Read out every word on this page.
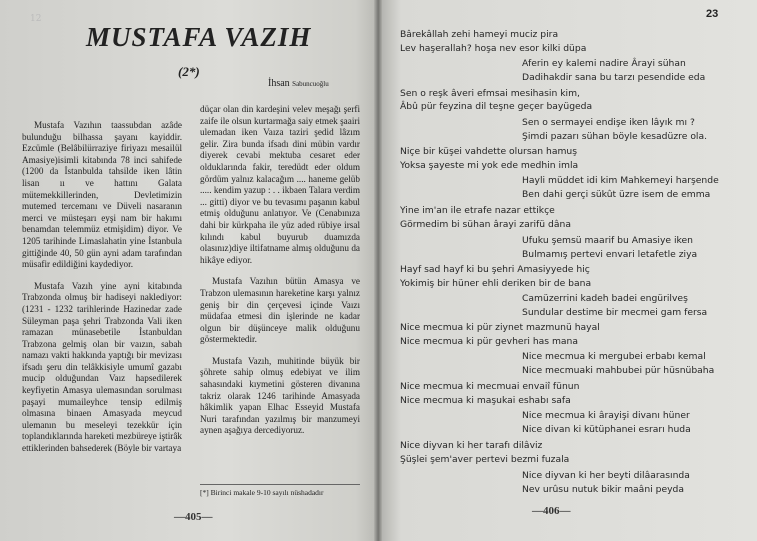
12
MUSTAFA VAZIH
(2*)
İhsan Sabuncuoğlu

Mustafa Vazıhın taassubdan azâde bulunduğu bilhassa şayanı kayiddir. Ezcümle (Belâbilürraziye firiyazı mesailül Amasiye)isimli kitabında 78 inci sahifede (1200 da İstanbulda tahsilde iken lâtin lisan ıı ve hattını Galata mütemekkillerinden, Devletimizin mutemed tercemanı ve Düveli nasaranın merci ve müsteşarı eyşi nam bir hakımı benamdan telemmüz etmişidim) diyor. Ve 1205 tarihinde Limaslahatin yine İstanbula gittiğinde 40, 50 gün ayni adam tarafından müsafir edildiğini kaydediyor.

Mustafa Vazıh yine ayni kitabında Trabzonda olmuş bir hadiseyi naklediyor: (1231 - 1232 tarihlerinde Hazinedar zade Süleyman paşa şehri Trabzonda Vali iken ramazan münasebetile İstanbuldan Trabzona gelmiş olan bir vaızın, sabah namazı vakti hakkında yaptığı bir mevizası ifsadı şeru din telâkkisiyle umumî gazabı mucip olduğundan Vaız hapsedilerek keyfiyetin Amasya ulemasından sorulması paşayi mumaileyhce tensip edilmiş olmasına binaen Amasyada meycud ulemanın bu meseleyi tezekkür için toplandıklarında hareketi mezbüreye iştirâk ettiklerinden bahsederek (Böyle bir vartaya

düçar olan din kardeşini velev meşağı şerfi zaife ile olsun kurtarmağa saiy etmek şaairi ulemadan iken Vaıza taziri şedid lâzım gelir. Zira bunda ifsadı dini mübin vardır diyerek cevabi mektuba cesaret eder olduklarında fakir, teredüdt eder oldum gördüm yalnız kalacağım .... haneme gelüb ..... kendim yazup : . . ikbaen Talara verdim ... gitti) diyor ve bu tevasımı paşanın kabul etmiş olduğunu anlatıyor. Ve (Cenabınıza dahi bir kürkpaha ile yüz aded rübiye irsal kılındı kabul buyurub duamızda olasınız)diye iltifatname almış olduğunu da hikâye ediyor.

Mustafa Vazıhın bütün Amasya ve Trabzon ulemasının hareketine karşı yalnız geniş bir din çerçevesi içinde Vaızı müdafaa etmesi din işlerinde ne kadar olgun bir düşünceye malik olduğunu göstermektedir.

Mustafa Vazıh, muhitinde büyük bir şöhrete sahip olmuş edebiyat ve ilim sahasındaki kıymetini gösteren divanına takriz olarak 1246 tarihinde Amasyada hâkimlik yapan Elhac Esseyid Mustafa Nuri tarafından yazılmış bir manzumeyi aynen aşağıya dercediyoruz.

[*] Birinci makale 9-10 sayılı nüshadadır
—405—
23
—406—
Bârekâllah zehi hameyi muciz pira
Lev haşerallah? hoşa nev esor kilki düpa
Aferin ey kalemi nadire Ârayi sühan
Dadihakdir sana bu tarzı pesendide eda
Sen o reşk âveri efmsai mesihasin kim,
Âbû pür feyzina dil teşne geçer bayügeda
Sen o sermayei endişe iken lâyık mı ?
Şimdi pazarı sühan böyle kesadüzre ola.
Niçe bir küşei vahdette olursan hamuş
Yoksa şayeste mi yok ede medhin imla
Hayli müddet idi kim Mahkemeyi harşende
Ben dahi gerçi sükût üzre isem de emma
Yine im'an ile etrafe nazar ettikçe
Görmedim bi sühan ârayi zarifü dâna
Ufuku şemsü maarif bu Amasiye iken
Bulmamış pertevi envari letafetle ziya
Hayf sad hayf ki bu şehri Amasiyyede hiç
Yokimiş bir hüner ehli deriken bir de bana
Camüzerrini kadeh badei engürilveş
Sundular destime bir mecmei gam fersa
Nice mecmua ki pür ziynet mazmunü hayal
Nice mecmua ki pür gevheri has mana
Nice mecmua ki mergubei erbabı kemal
Nice mecmuaki mahbubei pür hüsnübaha
Nice mecmua ki mecmuai envaiî fünun
Nice mecmua ki maşukai eshabı safa
Nice mecmua ki ârayişi divanı hüner
Nice divan ki kütüphanei esrarı huda
Nice diyvan ki her tarafı dilâviz
Şüşlei şem'aver pertevi bezmi fuzala
Nice diyvan ki her beyti dilâarasında
Nev urûsu nutuk bikir maâni peyda
